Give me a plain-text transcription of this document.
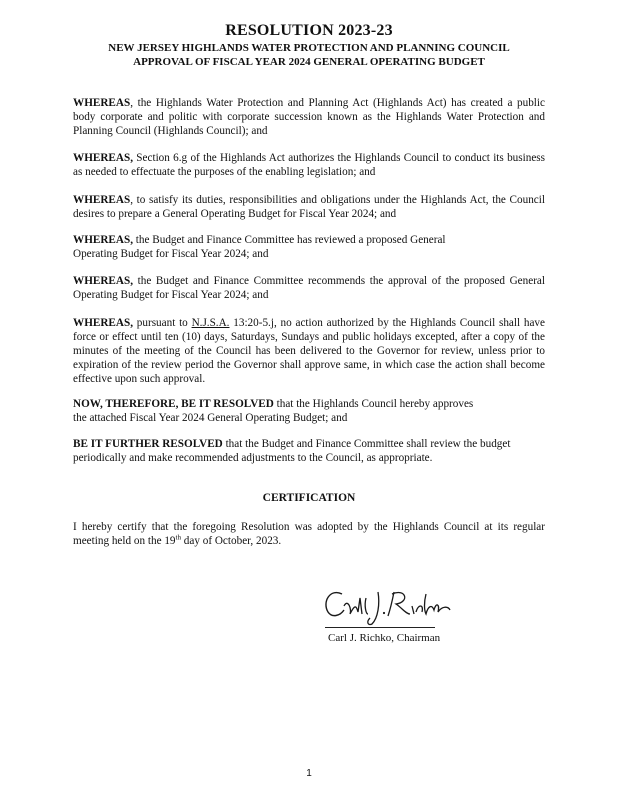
RESOLUTION 2023-23
NEW JERSEY HIGHLANDS WATER PROTECTION AND PLANNING COUNCIL
APPROVAL OF FISCAL YEAR 2024 GENERAL OPERATING BUDGET
WHEREAS, the Highlands Water Protection and Planning Act (Highlands Act) has created a public body corporate and politic with corporate succession known as the Highlands Water Protection and Planning Council (Highlands Council); and
WHEREAS, Section 6.g of the Highlands Act authorizes the Highlands Council to conduct its business as needed to effectuate the purposes of the enabling legislation; and
WHEREAS, to satisfy its duties, responsibilities and obligations under the Highlands Act, the Council desires to prepare a General Operating Budget for Fiscal Year 2024; and
WHEREAS, the Budget and Finance Committee has reviewed a proposed General
Operating Budget for Fiscal Year 2024; and
WHEREAS, the Budget and Finance Committee recommends the approval of the proposed General Operating Budget for Fiscal Year 2024; and
WHEREAS, pursuant to N.J.S.A. 13:20-5.j, no action authorized by the Highlands Council shall have force or effect until ten (10) days, Saturdays, Sundays and public holidays excepted, after a copy of the minutes of the meeting of the Council has been delivered to the Governor for review, unless prior to expiration of the review period the Governor shall approve same, in which case the action shall become effective upon such approval.
NOW, THEREFORE, BE IT RESOLVED that the Highlands Council hereby approves
the attached Fiscal Year 2024 General Operating Budget; and
BE IT FURTHER RESOLVED that the Budget and Finance Committee shall review the budget
periodically and make recommended adjustments to the Council, as appropriate.
CERTIFICATION
I hereby certify that the foregoing Resolution was adopted by the Highlands Council at its regular meeting held on the 19th day of October, 2023.
Carl J. Richko, Chairman
1
